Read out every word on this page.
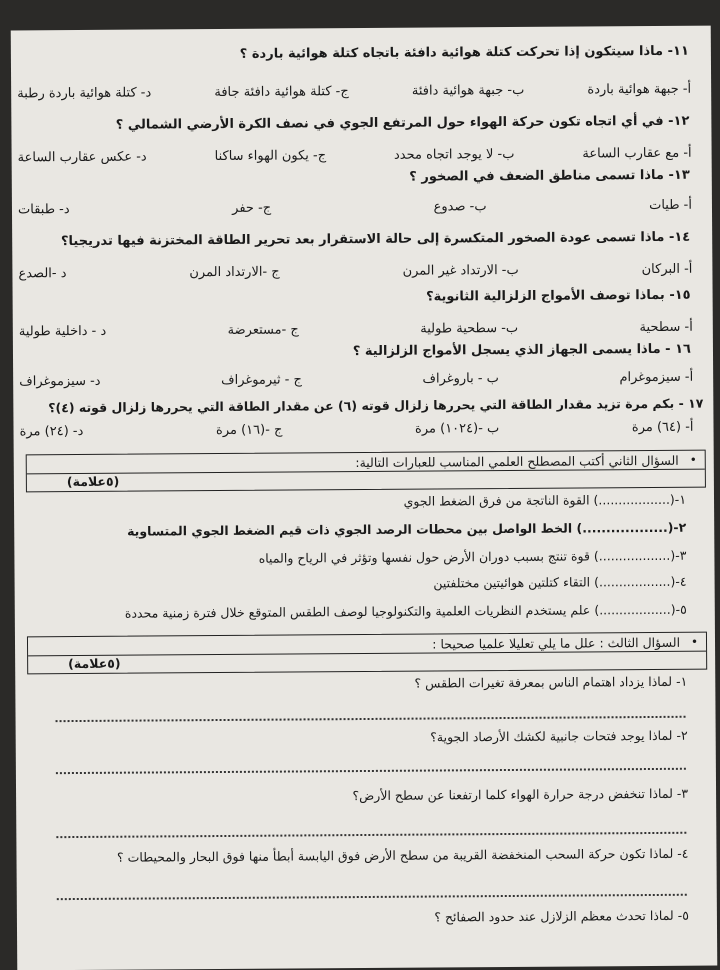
١١- ماذا سيتكون إذا تحركت كتلة هوائية دافئة باتجاه كتلة هوائية باردة ؟
أ- جبهة هوائية باردة
ب- جبهة هوائية دافئة
ج- كتلة هوائية دافئة جافة
د- كتلة هوائية باردة رطبة
١٢- في أي اتجاه تكون حركة الهواء حول المرتفع الجوي في نصف الكرة الأرضي الشمالي ؟
أ- مع عقارب الساعة
ب- لا يوجد اتجاه محدد
ج- يكون الهواء ساكنا
د- عكس عقارب الساعة
١٣- ماذا تسمى مناطق الضعف في الصخور ؟
أ- طيات
ب- صدوع
ج- حفر
د- طبقات
١٤- ماذا تسمى عودة الصخور المتكسرة إلى حالة الاستقرار بعد تحرير الطاقة المختزنة فيها تدريجيا؟
أ- البركان
ب- الارتداد غير المرن
ج -الارتداد المرن
د -الصدع
١٥- بماذا توصف الأمواج الزلزالية الثانوية؟
أ- سطحية
ب- سطحية طولية
ج -مستعرضة
د - داخلية طولية
١٦ - ماذا يسمى الجهاز الذي يسجل الأمواج الزلزالية ؟
أ- سيزموغرام
ب - باروغراف
ج - ثيرموغراف
د- سيزموغراف
١٧ - بكم مرة تزيد مقدار الطاقة التي يحررها زلزال قوته (٦) عن مقدار الطاقة التي يحررها زلزال قوته (٤)؟
أ- (٦٤) مرة
ب -(١٠٢٤) مرة
ج -(١٦) مرة
د- (٢٤) مرة
•
السؤال الثاني أكتب المصطلح العلمي المناسب للعبارات التالية:
(٥علامة)
١-(..................) القوة الناتجة من فرق الضغط الجوي
٢-(..................) الخط الواصل بين محطات الرصد الجوي ذات قيم الضغط الجوي المتساوية
٣-(..................) قوة تنتج بسبب دوران الأرض حول نفسها وتؤثر في الرياح والمياه
٤-(..................) التقاء كتلتين هوائيتين مختلفتين
٥-(..................) علم يستخدم النظريات العلمية والتكنولوجيا لوصف الطقس المتوقع خلال فترة زمنية محددة
•
السؤال الثالث : علل ما يلي تعليلا علميا صحيحا :
(٥علامة)
١- لماذا يزداد اهتمام الناس بمعرفة تغيرات الطقس ؟
٢- لماذا يوجد فتحات جانبية لكشك الأرصاد الجوية؟
٣- لماذا تنخفض درجة حرارة الهواء كلما ارتفعنا عن سطح الأرض؟
٤- لماذا تكون حركة السحب المنخفضة القريبة من سطح الأرض فوق اليابسة أبطأ منها فوق البحار والمحيطات ؟
٥- لماذا تحدث معظم الزلازل عند حدود الصفائح ؟
